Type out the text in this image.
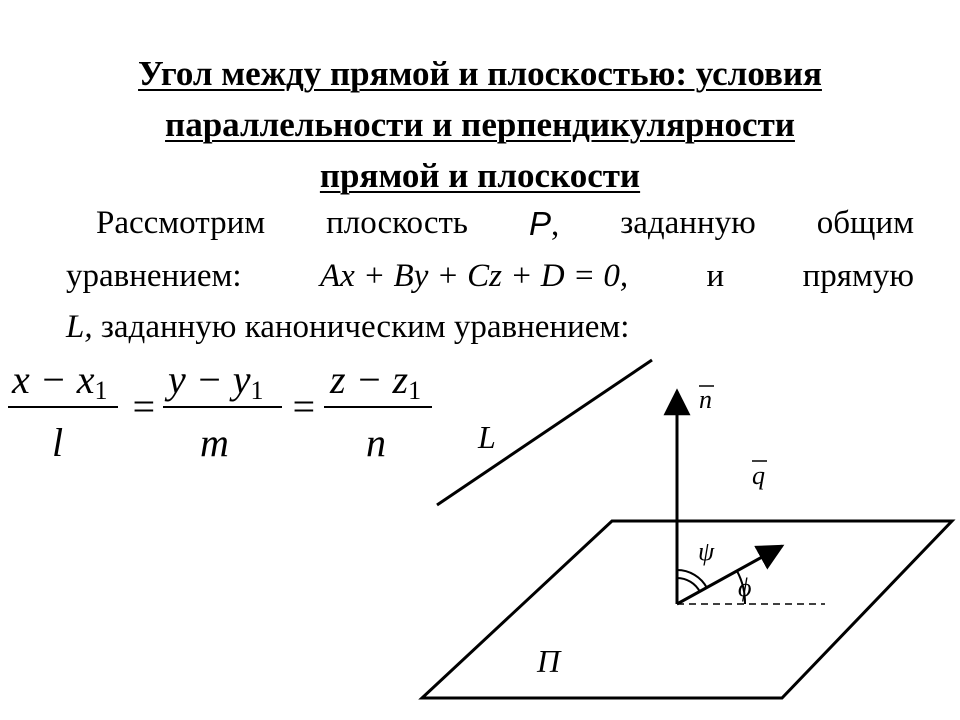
Угол между прямой и плоскостью: условия
параллельности и перпендикулярности
прямой и плоскости
Рассмотрим плоскость P, заданную общим
уравнением: Ax + By + Cz + D = 0, и прямую
L, заданную каноническим уравнением:
x − x1
l
=
y − y1
m
=
z − z1
n	L
n
q
ψ
ϕ
Π
